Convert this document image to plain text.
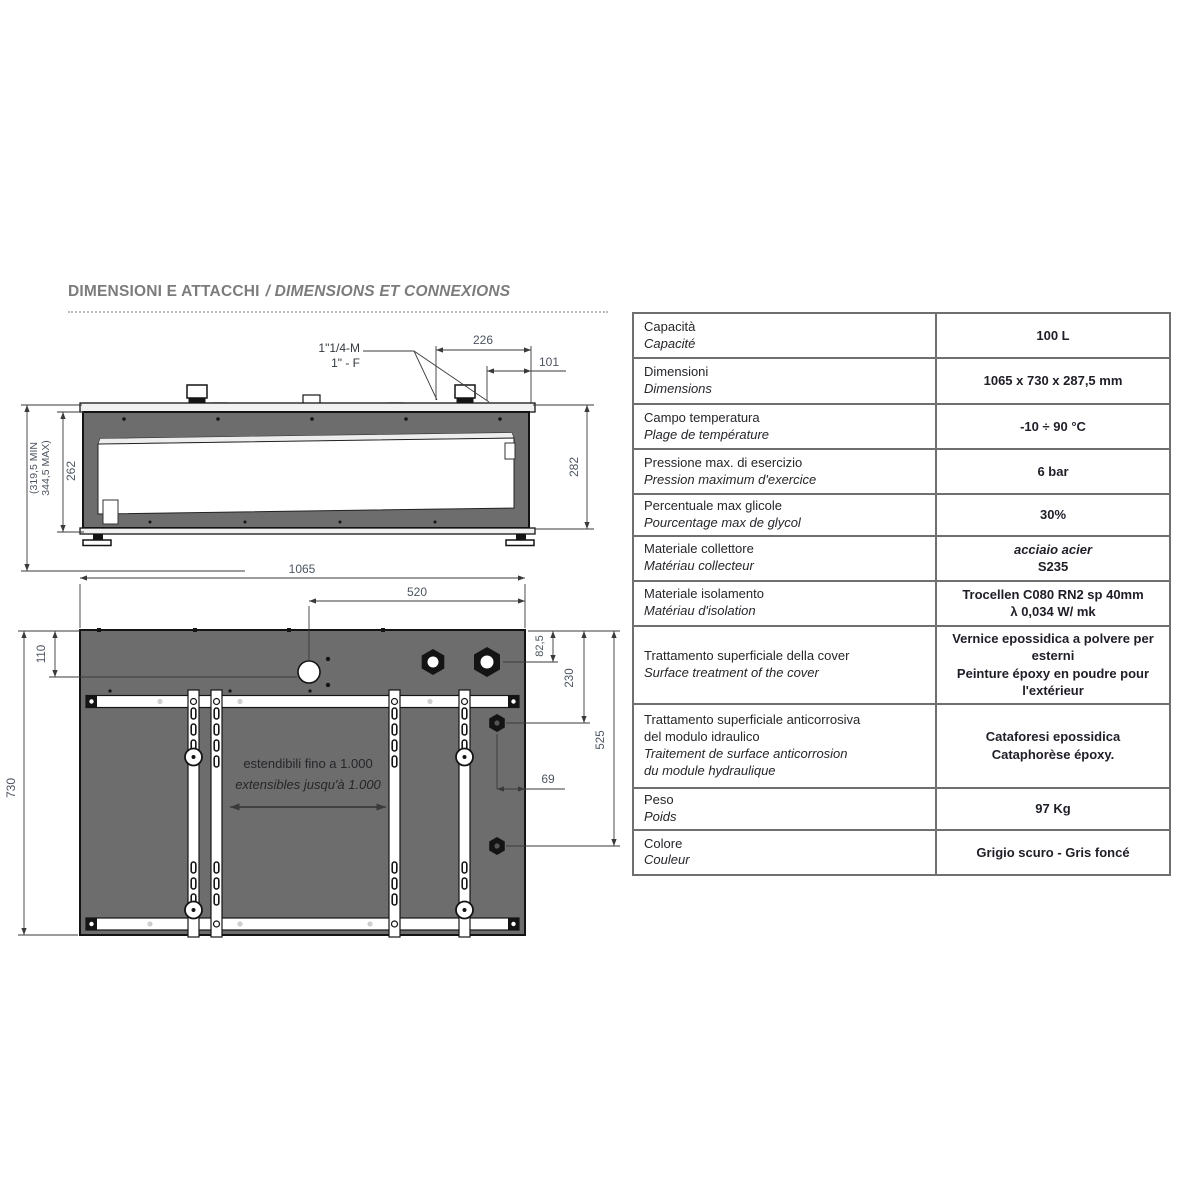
DIMENSIONI E ATTACCHI / DIMENSIONS ET CONNEXIONS
226
101
1"1/4-M
1" - F
(319,5 MIN 344,5 MAX) 262	282
estendibili fino a 1.000
extensibles jusqu'à 1.000
1065
520
110
730
82,5
230
525
69
Capacità
Capacité	100 L

Dimensioni
Dimensions	1065 x 730 x 287,5 mm

Campo temperatura
Plage de température	-10 ÷ 90 °C

Pressione max. di esercizio
Pression maximum d'exercice	6 bar

Percentuale max glicole
Pourcentage max de glycol	30%

Materiale collettore
Matériau collecteur	acciaio acier
S235

Materiale isolamento
Matériau d'isolation	Trocellen C080 RN2 sp 40mm
λ 0,034 W/ mk

Trattamento superficiale della cover
Surface treatment of the cover	Vernice epossidica a polvere per esterni
Peinture époxy en poudre pour
l'extérieur

Trattamento superficiale anticorrosiva
del modulo idraulico
Traitement de surface anticorrosion
du module hydraulique	Cataforesi epossidica
Cataphorèse époxy.

Peso
Poids	97 Kg

Colore
Couleur	Grigio scuro - Gris foncé
